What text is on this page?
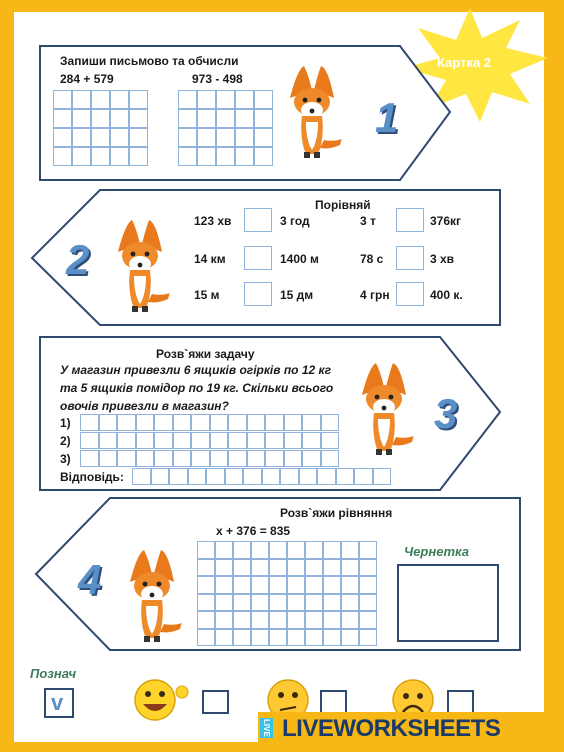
Картка 2
Запиши письмово та обчисли
284 + 579	973 - 498
1
Порівняй
2
123 хв	3 год	3 т	376кг
14 км	1400 м	78 с	3 хв
15 м	15 дм	4 грн	400 к.
Розв`яжи задачу
У магазин привезли 6 ящиків огірків по 12 кг
та 5 ящиків помідор по 19 кг. Скільки всього
овочів привезли в магазин?
1)
2)
3)
Відповідь:
3
Розв`яжи рівняння
x + 376 = 835
Чернетка
4
Познач
v
LIVE LIVEWORKSHEETS
